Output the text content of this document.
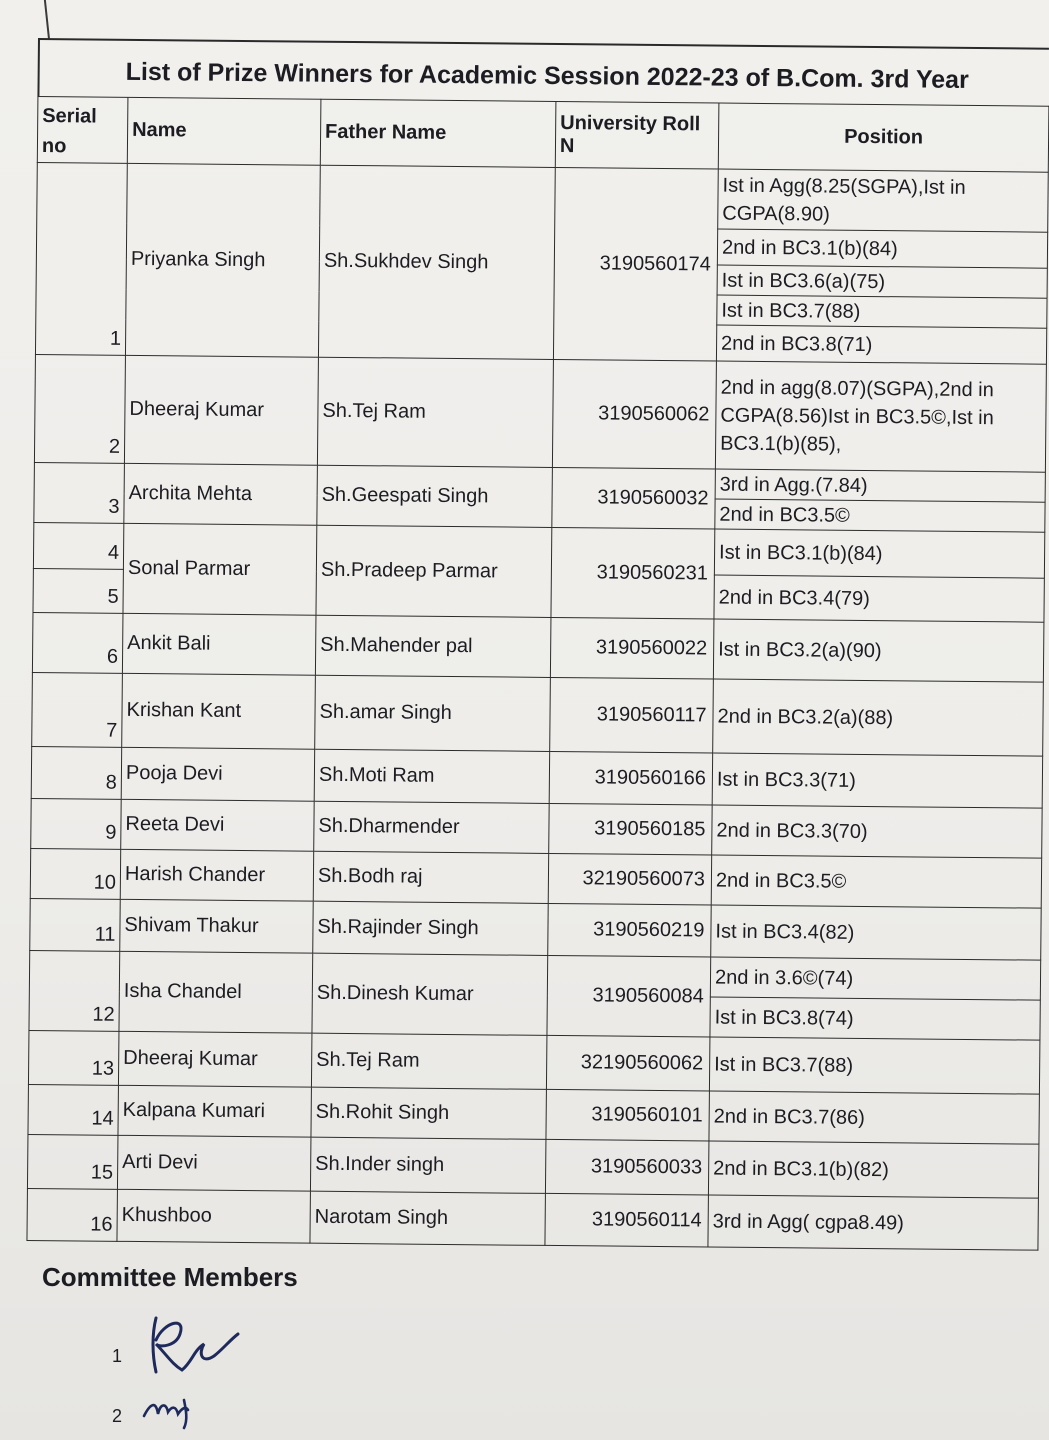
List of Prize Winners for Academic Session 2022-23 of B.Com. 3rd Year
Serial
no	Name	Father Name	University Roll N	Position
1	Priyanka Singh	Sh.Sukhdev Singh	3190560174	Ist in Agg(8.25(SGPA),Ist in CGPA(8.90)
				2nd in BC3.1(b)(84)
				Ist in BC3.6(a)(75)
				Ist in BC3.7(88)
				2nd in BC3.8(71)
2	Dheeraj Kumar	Sh.Tej Ram	3190560062	2nd in agg(8.07)(SGPA),2nd in CGPA(8.56)Ist in BC3.5©,Ist in BC3.1(b)(85),
3	Archita Mehta	Sh.Geespati Singh	3190560032	3rd in Agg.(7.84)
				2nd in BC3.5©
4	Sonal Parmar	Sh.Pradeep Parmar	3190560231	Ist in BC3.1(b)(84)
5				2nd in BC3.4(79)
6	Ankit Bali	Sh.Mahender pal	3190560022	Ist in BC3.2(a)(90)
7	Krishan Kant	Sh.amar Singh	3190560117	2nd in BC3.2(a)(88)
8	Pooja Devi	Sh.Moti Ram	3190560166	Ist in BC3.3(71)
9	Reeta Devi	Sh.Dharmender	3190560185	2nd in BC3.3(70)
10	Harish Chander	Sh.Bodh raj	32190560073	2nd in BC3.5©
11	Shivam Thakur	Sh.Rajinder Singh	3190560219	Ist in BC3.4(82)
12	Isha Chandel	Sh.Dinesh Kumar	3190560084	2nd in 3.6©(74)
				Ist in BC3.8(74)
13	Dheeraj Kumar	Sh.Tej Ram	32190560062	Ist in BC3.7(88)
14	Kalpana Kumari	Sh.Rohit Singh	3190560101	2nd in BC3.7(86)
15	Arti Devi	Sh.Inder singh	3190560033	2nd in BC3.1(b)(82)
16	Khushboo	Narotam Singh	3190560114	3rd in Agg( cgpa8.49)
Committee Members
1
2
